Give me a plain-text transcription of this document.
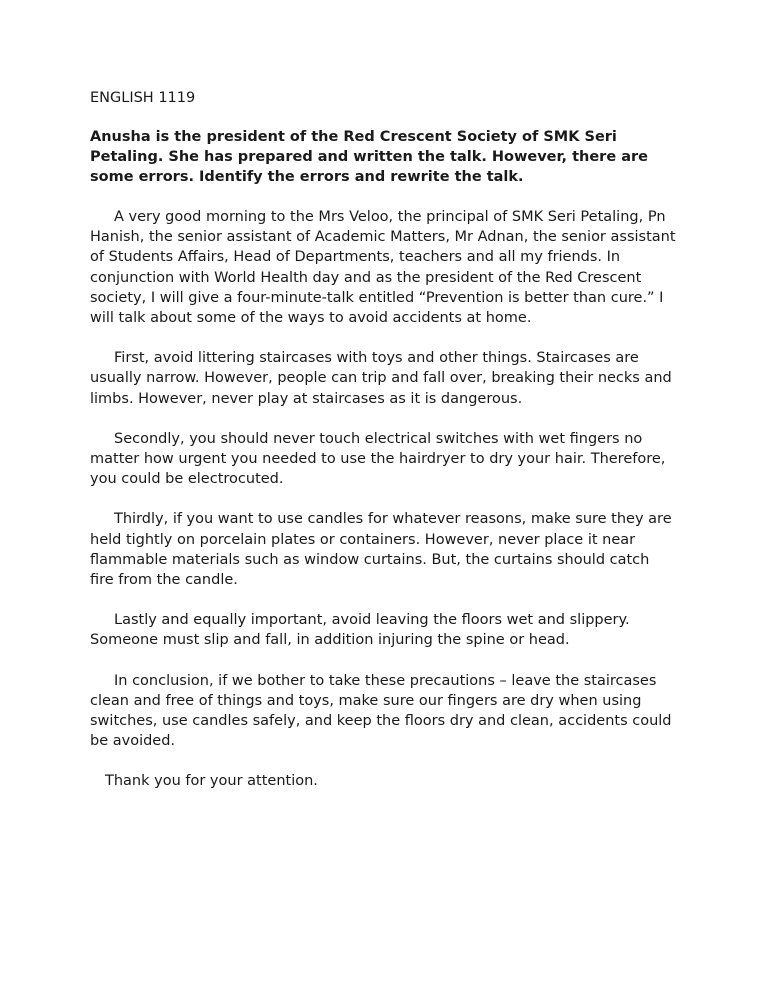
ENGLISH 1119

Anusha is the president of the Red Crescent Society of SMK Seri Petaling. She has prepared and written the talk. However, there are some errors. Identify the errors and rewrite the talk.

A very good morning to the Mrs Veloo, the principal of SMK Seri Petaling, Pn Hanish, the senior assistant of Academic Matters, Mr Adnan, the senior assistant of Students Affairs, Head of Departments, teachers and all my friends. In conjunction with World Health day and as the president of the Red Crescent society, I will give a four-minute-talk entitled “Prevention is better than cure.” I will talk about some of the ways to avoid accidents at home.

First, avoid littering staircases with toys and other things. Staircases are usually narrow. However, people can trip and fall over, breaking their necks and limbs. However, never play at staircases as it is dangerous.

Secondly, you should never touch electrical switches with wet fingers no matter how urgent you needed to use the hairdryer to dry your hair. Therefore, you could be electrocuted.

Thirdly, if you want to use candles for whatever reasons, make sure they are held tightly on porcelain plates or containers. However, never place it near flammable materials such as window curtains. But, the curtains should catch fire from the candle.

Lastly and equally important, avoid leaving the floors wet and slippery. Someone must slip and fall, in addition injuring the spine or head.

In conclusion, if we bother to take these precautions – leave the staircases clean and free of things and toys, make sure our fingers are dry when using switches, use candles safely, and keep the floors dry and clean, accidents could be avoided.

Thank you for your attention.
